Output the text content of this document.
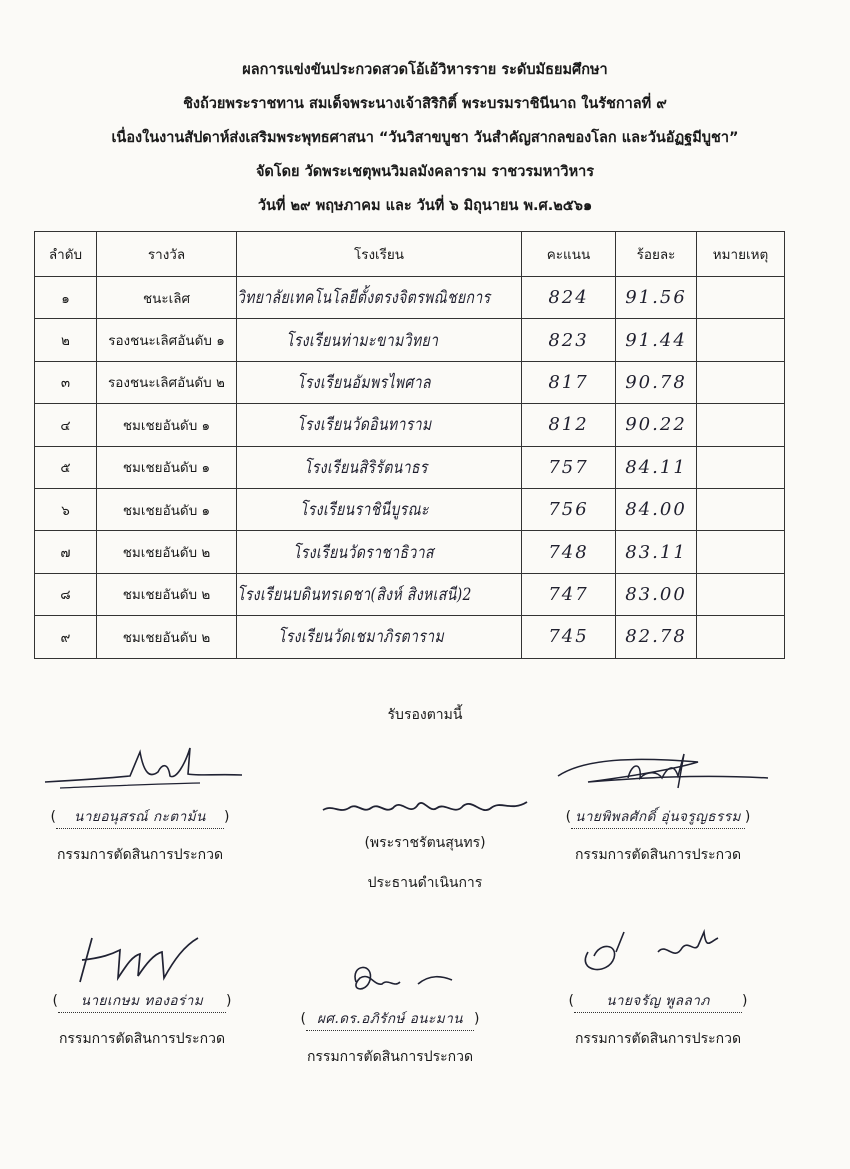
ผลการแข่งขันประกวดสวดโอ้เอ้วิหารราย ระดับมัธยมศึกษา
ชิงถ้วยพระราชทาน สมเด็จพระนางเจ้าสิริกิติ์ พระบรมราชินีนาถ ในรัชกาลที่ ๙
เนื่องในงานสัปดาห์ส่งเสริมพระพุทธศาสนา “วันวิสาขบูชา วันสำคัญสากลของโลก และวันอัฏฐมีบูชา”
จัดโดย วัดพระเชตุพนวิมลมังคลาราม ราชวรมหาวิหาร
วันที่ ๒๙ พฤษภาคม และ วันที่ ๖ มิถุนายน พ.ศ.๒๕๖๑
ลำดับ	รางวัล	โรงเรียน	คะแนน	ร้อยละ	หมายเหตุ
๑	ชนะเลิศ	วิทยาลัยเทคโนโลยีตั้งตรงจิตรพณิชยการ	824	91.56	
๒	รองชนะเลิศอันดับ ๑	โรงเรียนท่ามะขามวิทยา	823	91.44	
๓	รองชนะเลิศอันดับ ๒	โรงเรียนอัมพรไพศาล	817	90.78	
๔	ชมเชยอันดับ ๑	โรงเรียนวัดอินทาราม	812	90.22	
๕	ชมเชยอันดับ ๑	โรงเรียนสิริรัตนาธร	757	84.11	
๖	ชมเชยอันดับ ๑	โรงเรียนราชินีบูรณะ	756	84.00	
๗	ชมเชยอันดับ ๒	โรงเรียนวัดราชาธิวาส	748	83.11	
๘	ชมเชยอันดับ ๒	โรงเรียนบดินทรเดชา(สิงห์ สิงหเสนี)2	747	83.00	
๙	ชมเชยอันดับ ๒	โรงเรียนวัดเชมาภิรตาราม	745	82.78	
รับรองตามนี้
( นายอนุสรณ์ กะตาม้น )
กรรมการตัดสินการประกวด
(พระราชรัตนสุนทร)
ประธานดำเนินการ
( นายพิพลศักดิ์ อุ่นจรูญธรรม )
กรรมการตัดสินการประกวด
( นายเกษม ทองอร่าม )
กรรมการตัดสินการประกวด
( ผศ.ดร.อภิรักษ์ อนะมาน )
กรรมการตัดสินการประกวด
( นายจรัญ พูลลาภ )
กรรมการตัดสินการประกวด
